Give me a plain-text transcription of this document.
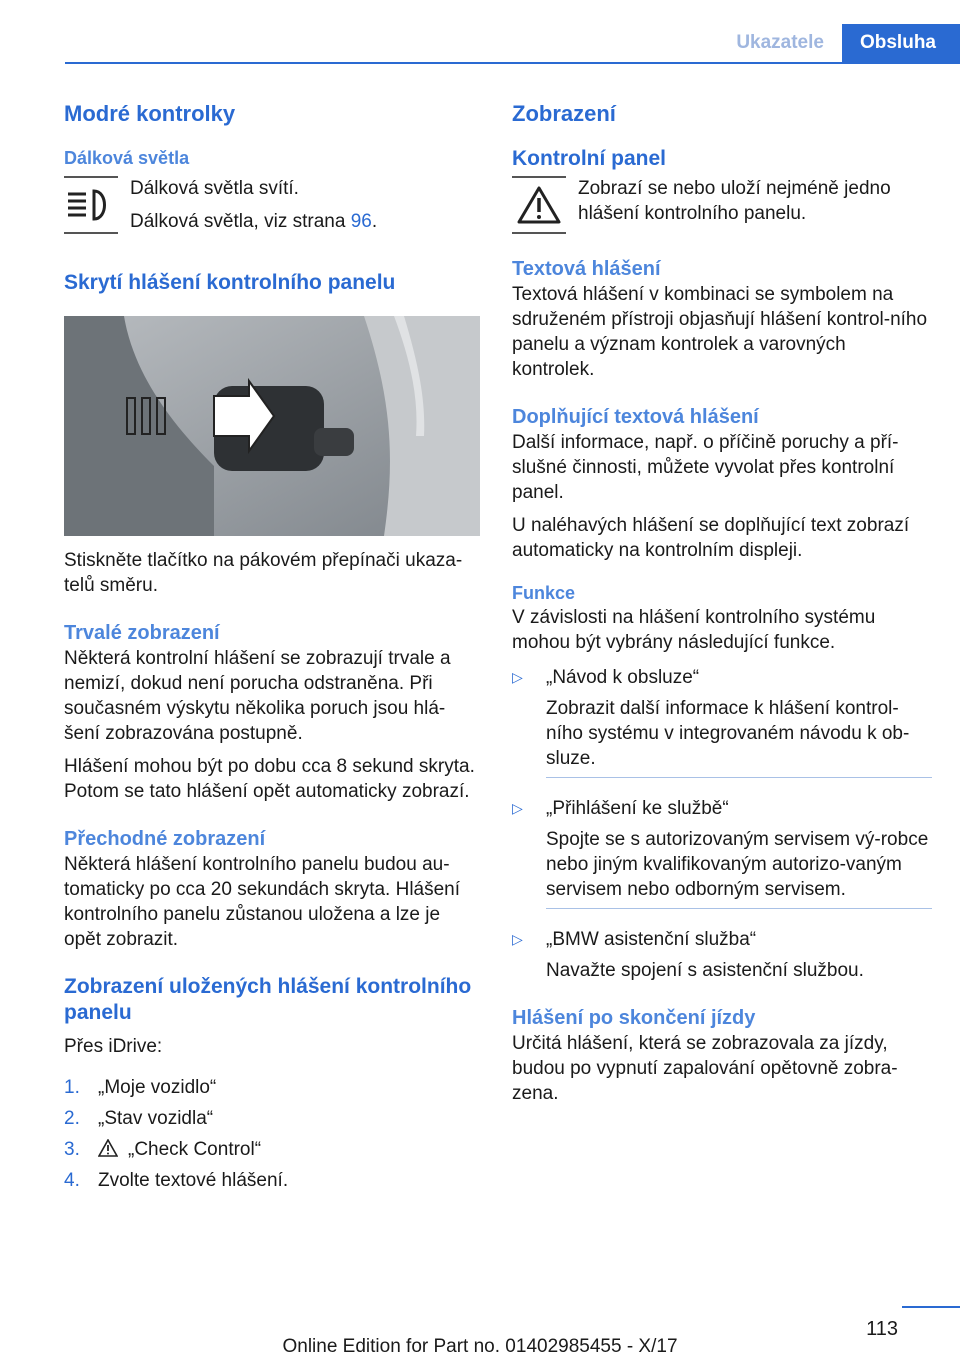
Ukazatele	Obsluha
Modré kontrolky
Dálková světla

Dálková světla svítí.

Dálková světla, viz strana 96.

Skrytí hlášení kontrolního panelu

Stiskněte tlačítko na pákovém přepínači ukaza‐telů směru.

Trvalé zobrazení

Některá kontrolní hlášení se zobrazují trvale a nemizí, dokud není porucha odstraněna. Při současném výskytu několika poruch jsou hlá‐šení zobrazována postupně.

Hlášení mohou být po dobu cca 8 sekund skryta. Potom se tato hlášení opět automaticky zobrazí.

Přechodné zobrazení

Některá hlášení kontrolního panelu budou au‐tomaticky po cca 20 sekundách skryta. Hlášení kontrolního panelu zůstanou uložena a lze je opět zobrazit.

Zobrazení uložených hlášení kontrolního panelu

Přes iDrive:

1. „Moje vozidlo“
2. „Stav vozidla“
3.	„Check Control“
4. Zvolte textové hlášení.
Zobrazení
Kontrolní panel

Zobrazí se nebo uloží nejméně jedno hlášení kontrolního panelu.

Textová hlášení

Textová hlášení v kombinaci se symbolem na sdruženém přístroji objasňují hlášení kontrol‐ního panelu a význam kontrolek a varovných kontrolek.

Doplňující textová hlášení

Další informace, např. o příčině poruchy a pří‐slušné činnosti, můžete vyvolat přes kontrolní panel.

U naléhavých hlášení se doplňující text zobrazí automaticky na kontrolním displeji.

Funkce

V závislosti na hlášení kontrolního systému mohou být vybrány následující funkce.

▷	„Návod k obsluze“

Zobrazit další informace k hlášení kontrol‐ního systému v integrovaném návodu k ob‐sluze.

▷	„Přihlášení ke službě“

Spojte se s autorizovaným servisem vý‐robce nebo jiným kvalifikovaným autorizo‐vaným servisem nebo odborným servisem.

▷	„BMW asistenční služba“

Navažte spojení s asistenční službou.

Hlášení po skončení jízdy

Určitá hlášení, která se zobrazovala za jízdy, budou po vypnutí zapalování opětovně zobra‐zena.

113
Online Edition for Part no. 01402985455 - X/17
